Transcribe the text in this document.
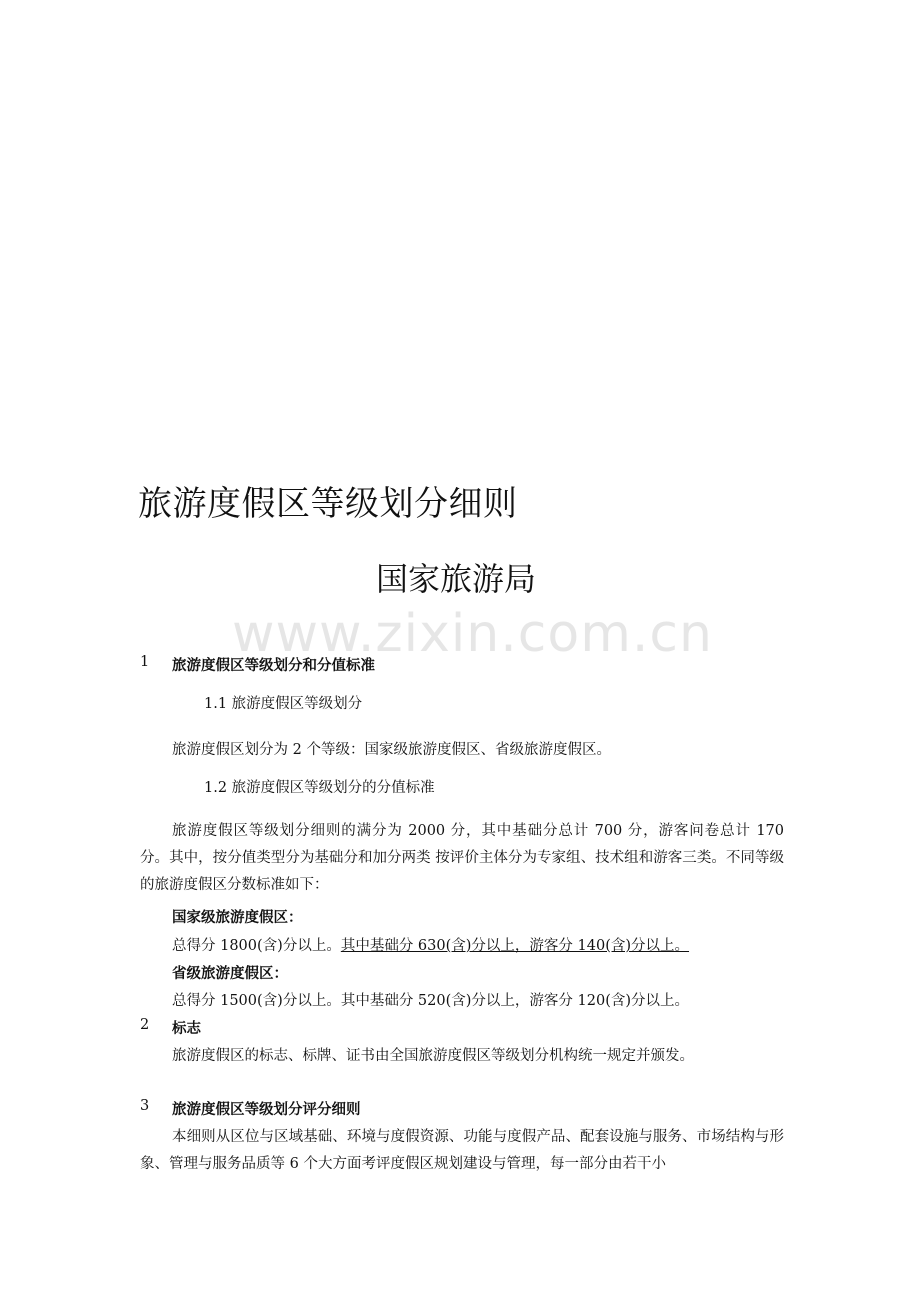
旅游度假区等级划分细则
国家旅游局
www.zixin.com.cn
1 旅游度假区等级划分和分值标准
1.1 旅游度假区等级划分
旅游度假区划分为 2 个等级：国家级旅游度假区、省级旅游度假区。
1.2 旅游度假区等级划分的分值标准
旅游度假区等级划分细则的满分为 2000 分，其中基础分总计 700 分，游客问卷总计 170 分。其中，按分值类型分为基础分和加分两类 按评价主体分为专家组、技术组和游客三类。不同等级的旅游度假区分数标准如下：
国家级旅游度假区：
总得分 1800(含)分以上。其中基础分 630(含)分以上，游客分 140(含)分以上。
省级旅游度假区：
总得分 1500(含)分以上。其中基础分 520(含)分以上，游客分 120(含)分以上。
2 标志
旅游度假区的标志、标牌、证书由全国旅游度假区等级划分机构统一规定并颁发。
3 旅游度假区等级划分评分细则
本细则从区位与区域基础、环境与度假资源、功能与度假产品、配套设施与服务、市场结构与形象、管理与服务品质等 6 个大方面考评度假区规划建设与管理，每一部分由若干小
